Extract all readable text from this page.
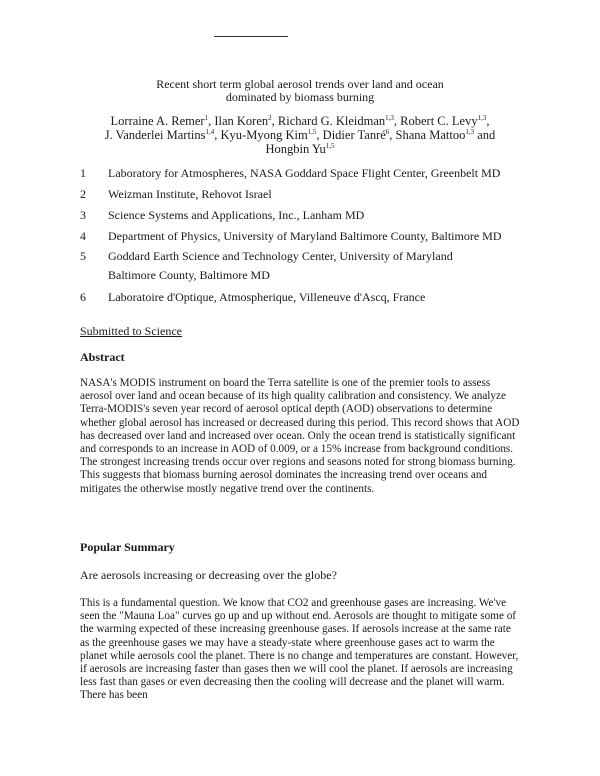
Recent short term global aerosol trends over land and ocean
dominated by biomass burning
Lorraine A. Remer$^1$, Ilan Koren$^2$, Richard G. Kleidman$^{1,3}$, Robert C. Levy$^{1,3}$,
J. Vanderlei Martins$^{1,4}$, Kyu-Myong Kim$^{1,5}$, Didier Tanré$^6$, Shana Mattoo$^{1,3}$ and
Hongbin Yu$^{1,5}$
1 Laboratory for Atmospheres, NASA Goddard Space Flight Center, Greenbelt MD
2 Weizman Institute, Rehovot Israel
3 Science Systems and Applications, Inc., Lanham MD
4 Department of Physics, University of Maryland Baltimore County, Baltimore MD
5 Goddard Earth Science and Technology Center, University of Maryland
Baltimore County, Baltimore MD
6 Laboratoire d'Optique, Atmospherique, Villeneuve d'Ascq, France
Submitted to Science
Abstract
NASA's MODIS instrument on board the Terra satellite is one of the premier tools to assess aerosol over land and ocean because of its high quality calibration and consistency. We analyze Terra-MODIS's seven year record of aerosol optical depth (AOD) observations to determine whether global aerosol has increased or decreased during this period. This record shows that AOD has decreased over land and increased over ocean. Only the ocean trend is statistically significant and corresponds to an increase in AOD of 0.009, or a 15% increase from background conditions. The strongest increasing trends occur over regions and seasons noted for strong biomass burning. This suggests that biomass burning aerosol dominates the increasing trend over oceans and mitigates the otherwise mostly negative trend over the continents.
Popular Summary
Are aerosols increasing or decreasing over the globe?
This is a fundamental question. We know that CO2 and greenhouse gases are increasing. We've seen the "Mauna Loa" curves go up and up without end. Aerosols are thought to mitigate some of the warming expected of these increasing greenhouse gases. If aerosols increase at the same rate as the greenhouse gases we may have a steady-state where greenhouse gases act to warm the planet while aerosols cool the planet. There is no change and temperatures are constant. However, if aerosols are increasing faster than gases then we will cool the planet. If aerosols are increasing less fast than gases or even decreasing then the cooling will decrease and the planet will warm. There has been
